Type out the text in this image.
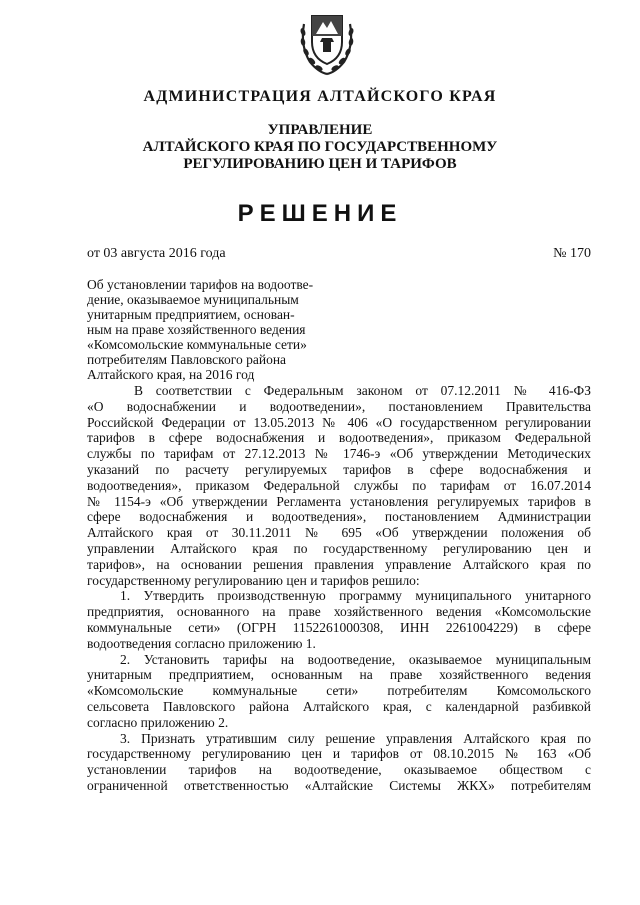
АДМИНИСТРАЦИЯ АЛТАЙСКОГО КРАЯ
УПРАВЛЕНИЕ
АЛТАЙСКОГО КРАЯ ПО ГОСУДАРСТВЕННОМУ
РЕГУЛИРОВАНИЮ ЦЕН И ТАРИФОВ
РЕШЕНИЕ
от 03 августа 2016 года	№ 170
Об установлении тарифов на водоотве-
дение, оказываемое муниципальным
унитарным предприятием, основан-
ным на праве хозяйственного ведения
«Комсомольские коммунальные сети»
потребителям Павловского района
Алтайского края, на 2016 год
В соответствии с Федеральным законом от 07.12.2011 № 416-ФЗ
«О водоснабжении и водоотведении», постановлением Правительства
Российской Федерации от 13.05.2013 № 406 «О государственном регулировании
тарифов в сфере водоснабжения и водоотведения», приказом Федеральной
службы по тарифам от 27.12.2013 № 1746-э «Об утверждении Методических
указаний по расчету регулируемых тарифов в сфере водоснабжения и
водоотведения», приказом Федеральной службы по тарифам от 16.07.2014
№ 1154-э «Об утверждении Регламента установления регулируемых тарифов в
сфере водоснабжения и водоотведения», постановлением Администрации
Алтайского края от 30.11.2011 № 695 «Об утверждении положения об
управлении Алтайского края по государственному регулированию цен и
тарифов», на основании решения правления управление Алтайского края по
государственному регулированию цен и тарифов решило:
1. Утвердить производственную программу муниципального унитарного
предприятия, основанного на праве хозяйственного ведения «Комсомольские
коммунальные сети» (ОГРН 1152261000308, ИНН 2261004229) в сфере
водоотведения согласно приложению 1.
2. Установить тарифы на водоотведение, оказываемое муниципальным
унитарным предприятием, основанным на праве хозяйственного ведения
«Комсомольские коммунальные сети» потребителям Комсомольского
сельсовета Павловского района Алтайского края, с календарной разбивкой
согласно приложению 2.
3. Признать утратившим силу решение управления Алтайского края по
государственному регулированию цен и тарифов от 08.10.2015 № 163 «Об
установлении тарифов на водоотведение, оказываемое обществом с
ограниченной ответственностью «Алтайские Системы ЖКХ» потребителям
